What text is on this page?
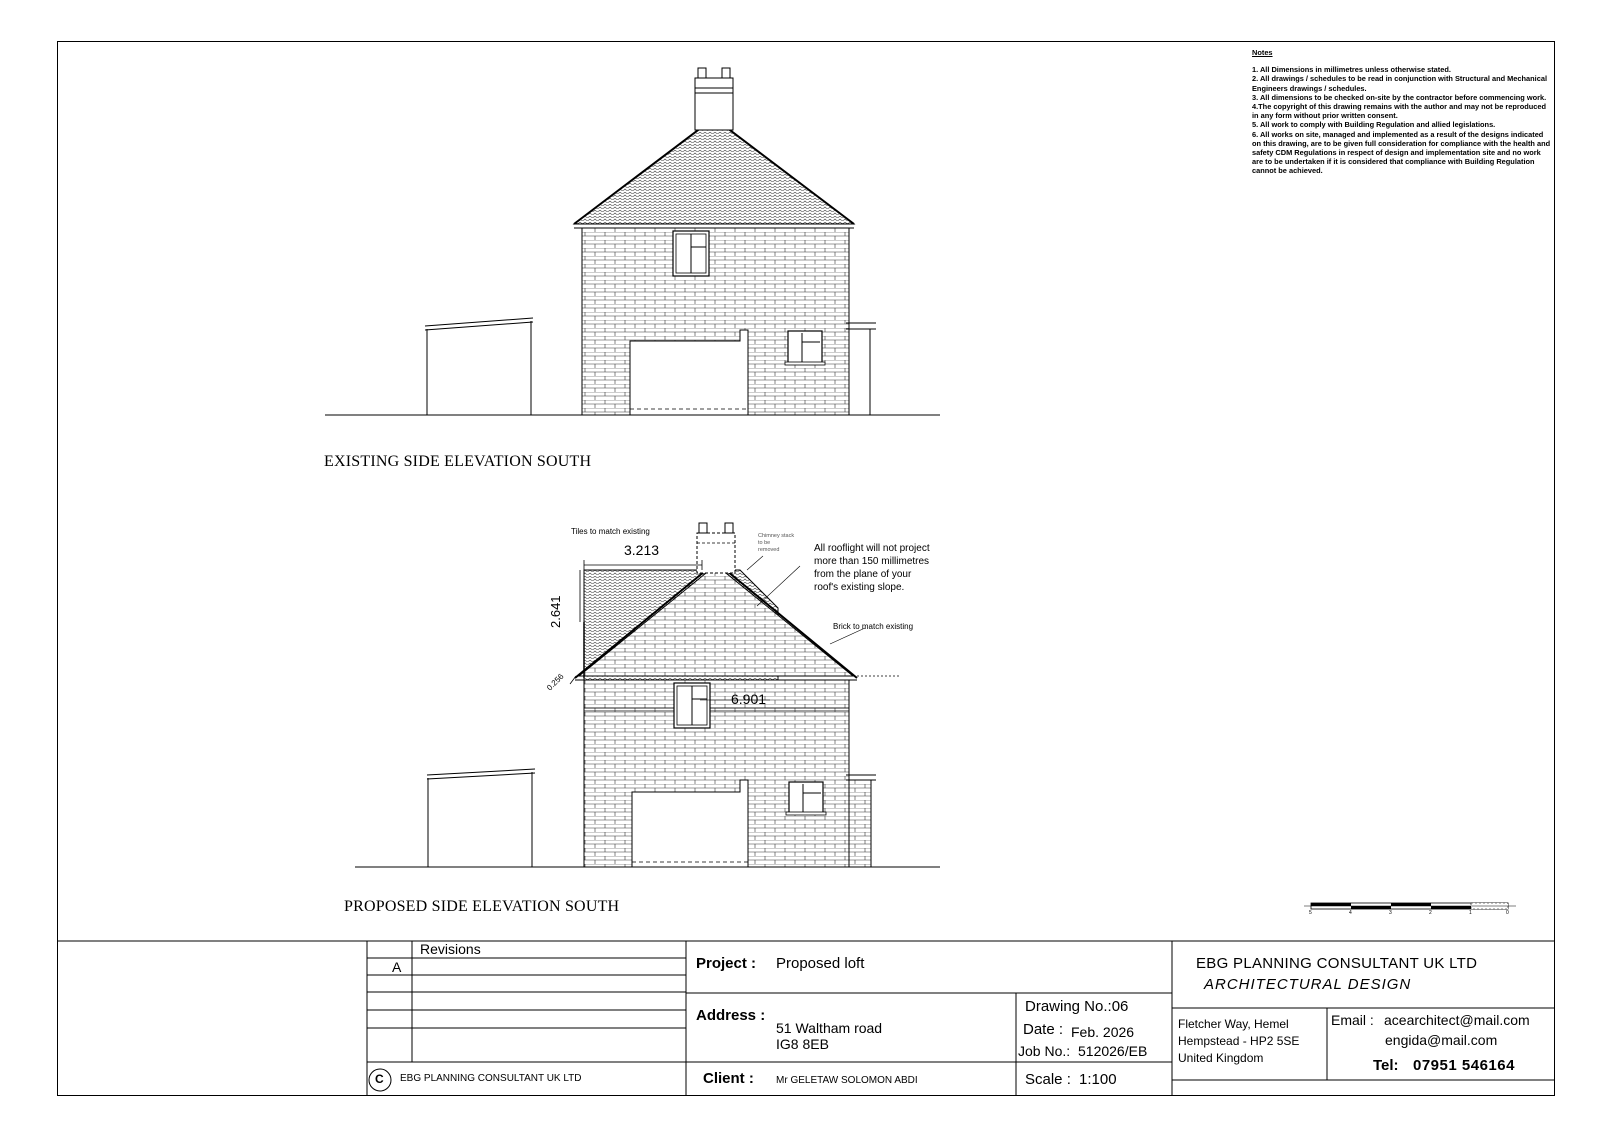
EXISTING SIDE ELEVATION SOUTH
PROPOSED SIDE ELEVATION SOUTH
Notes
1. All Dimensions in millimetres unless otherwise stated.
2. All drawings / schedules to be read in conjunction with Structural and Mechanical Engineers drawings / schedules.
3. All dimensions to be checked on-site by the contractor before commencing work.
4.The copyright of this drawing remains with the author and may not be reproduced in any form without prior written consent.
5. All work to comply with Building Regulation and allied legislations.
6. All works on site, managed and implemented as a result of the designs indicated on this drawing, are to be given full consideration for compliance with the health and safety CDM Regulations in respect of design and implementation site and no work are to be undertaken if it is considered that compliance with Building Regulation cannot be achieved.
Tiles to match existing	Chimney stack
to be
removed	All rooflight will not project
more than 150 millimetres
from the plane of your
roof's existing slope.
Brick to match existing
3.213
2.641
0.256
6.901
5	4	3	2	1	0
Revisions
A
C EBG PLANNING CONSULTANT UK LTD
Project : Proposed loft
Address :
51 Waltham road
IG8 8EB
Client : Mr GELETAW SOLOMON ABDI
Drawing No.:06
Date : Feb. 2026
Job No.: 512026/EB
Scale : 1:100
EBG PLANNING CONSULTANT UK LTD
ARCHITECTURAL DESIGN
Fletcher Way, Hemel
Hempstead - HP2 5SE
United Kingdom
Email : acearchitect@mail.com
engida@mail.com
Tel: 07951 546164
